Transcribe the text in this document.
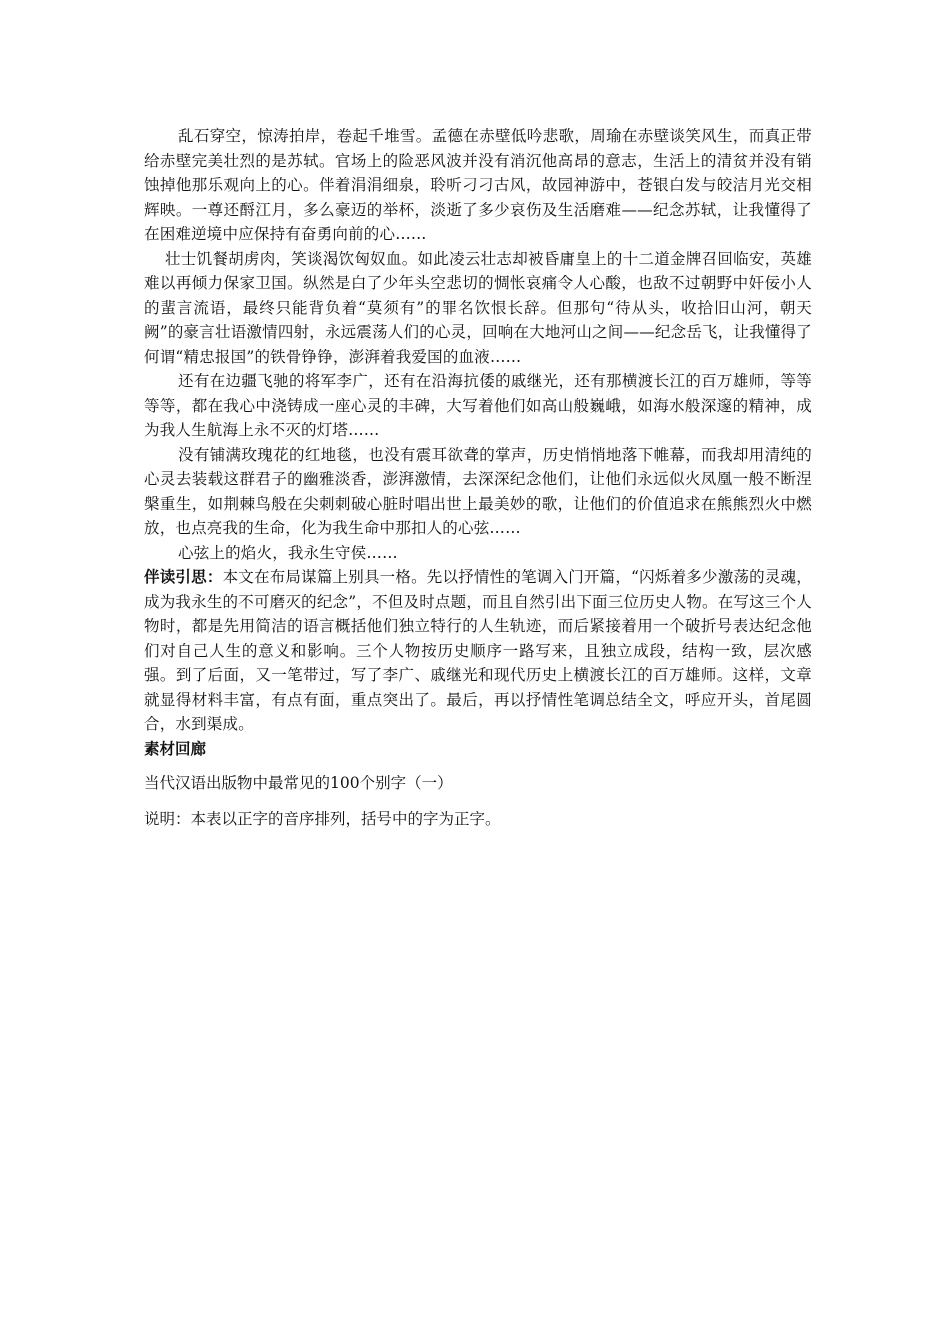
乱石穿空，惊涛拍岸，卷起千堆雪。孟德在赤壁低吟悲歌，周瑜在赤壁谈笑风生，而真正带给赤壁完美壮烈的是苏轼。官场上的险恶风波并没有消沉他高昂的意志，生活上的清贫并没有销蚀掉他那乐观向上的心。伴着涓涓细泉，聆听刁刁古风，故园神游中，苍银白发与皎洁月光交相辉映。一尊还酹江月，多么豪迈的举杯，淡逝了多少哀伤及生活磨难——纪念苏轼，让我懂得了在困难逆境中应保持有奋勇向前的心……

壮士饥餐胡虏肉，笑谈渴饮匈奴血。如此凌云壮志却被昏庸皇上的十二道金牌召回临安，英雄难以再倾力保家卫国。纵然是白了少年头空悲切的惆怅哀痛令人心酸，也敌不过朝野中奸佞小人的蜚言流语，最终只能背负着“莫须有”的罪名饮恨长辞。但那句“待从头，收拾旧山河，朝天阙”的豪言壮语激情四射，永远震荡人们的心灵，回响在大地河山之间——纪念岳飞，让我懂得了何谓“精忠报国”的铁骨铮铮，澎湃着我爱国的血液……

还有在边疆飞驰的将军李广，还有在沿海抗倭的戚继光，还有那横渡长江的百万雄师，等等等等，都在我心中浇铸成一座心灵的丰碑，大写着他们如高山般巍峨，如海水般深邃的精神，成为我人生航海上永不灭的灯塔……

没有铺满玫瑰花的红地毯，也没有震耳欲聋的掌声，历史悄悄地落下帷幕，而我却用清纯的心灵去装载这群君子的幽雅淡香，澎湃激情，去深深纪念他们，让他们永远似火凤凰一般不断涅槃重生，如荆棘鸟般在尖刺刺破心脏时唱出世上最美妙的歌，让他们的价值追求在熊熊烈火中燃放，也点亮我的生命，化为我生命中那扣人的心弦……

心弦上的焰火，我永生守侯……

伴读引思：本文在布局谋篇上别具一格。先以抒情性的笔调入门开篇，“闪烁着多少激荡的灵魂，成为我永生的不可磨灭的纪念”，不但及时点题，而且自然引出下面三位历史人物。在写这三个人物时，都是先用简洁的语言概括他们独立特行的人生轨迹，而后紧接着用一个破折号表达纪念他们对自己人生的意义和影响。三个人物按历史顺序一路写来，且独立成段，结构一致，层次感强。到了后面，又一笔带过，写了李广、戚继光和现代历史上横渡长江的百万雄师。这样，文章就显得材料丰富，有点有面，重点突出了。最后，再以抒情性笔调总结全文，呼应开头，首尾圆合，水到渠成。

素材回廊

当代汉语出版物中最常见的100个别字（一）

说明：本表以正字的音序排列，括号中的字为正字。
